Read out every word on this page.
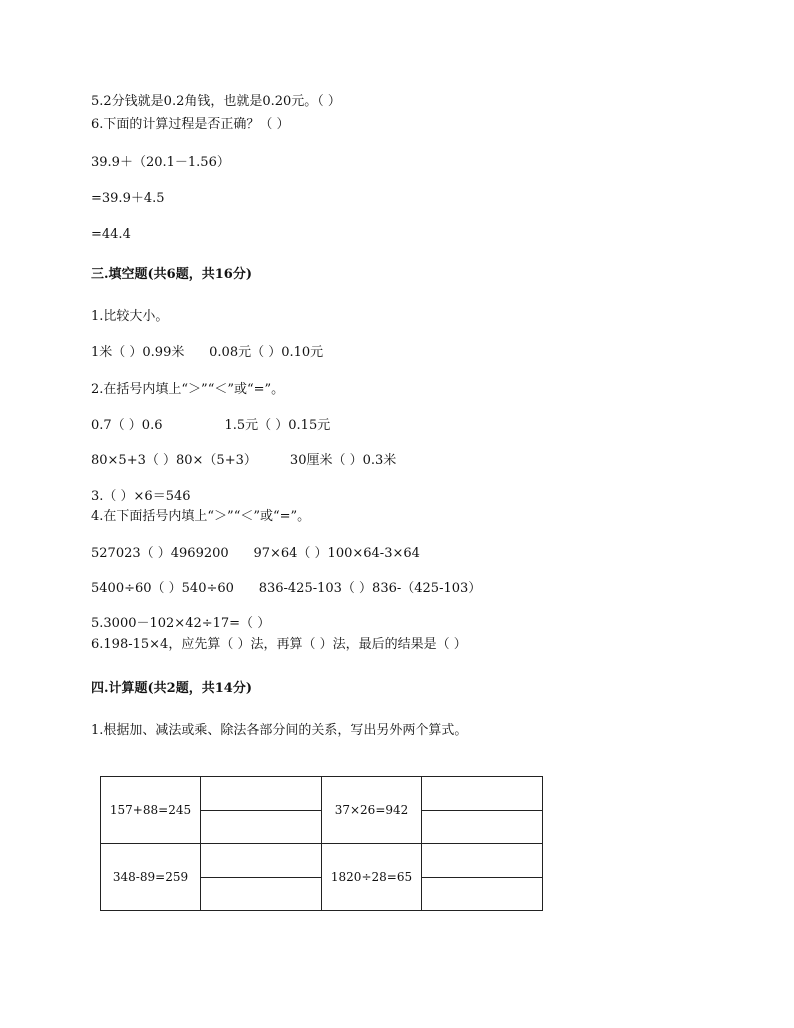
5.2分钱就是0.2角钱，也就是0.20元。（ ）
6.下面的计算过程是否正确？（ ）
39.9＋（20.1－1.56）
=39.9＋4.5
=44.4
三.填空题(共6题，共16分)
1.比较大小。
1米（ ）0.99米      0.08元（ ）0.10元
2.在括号内填上“＞”“＜”或“=”。
0.7（ ）0.6               1.5元（ ）0.15元
80×5+3（ ）80×（5+3）        30厘米（ ）0.3米
3.（ ）×6＝546
4.在下面括号内填上“＞”“＜”或“=”。
527023（ ）4969200      97×64（ ）100×64-3×64
5400÷60（ ）540÷60      836-425-103（ ）836-（425-103）
5.3000－102×42÷17=（ ）
6.198-15×4，应先算（ ）法，再算（ ）法，最后的结果是（ ）
四.计算题(共2题，共14分)
1.根据加、减法或乘、除法各部分间的关系，写出另外两个算式。
157+88=245		37×26=942	

348-89=259		1820÷28=65	
